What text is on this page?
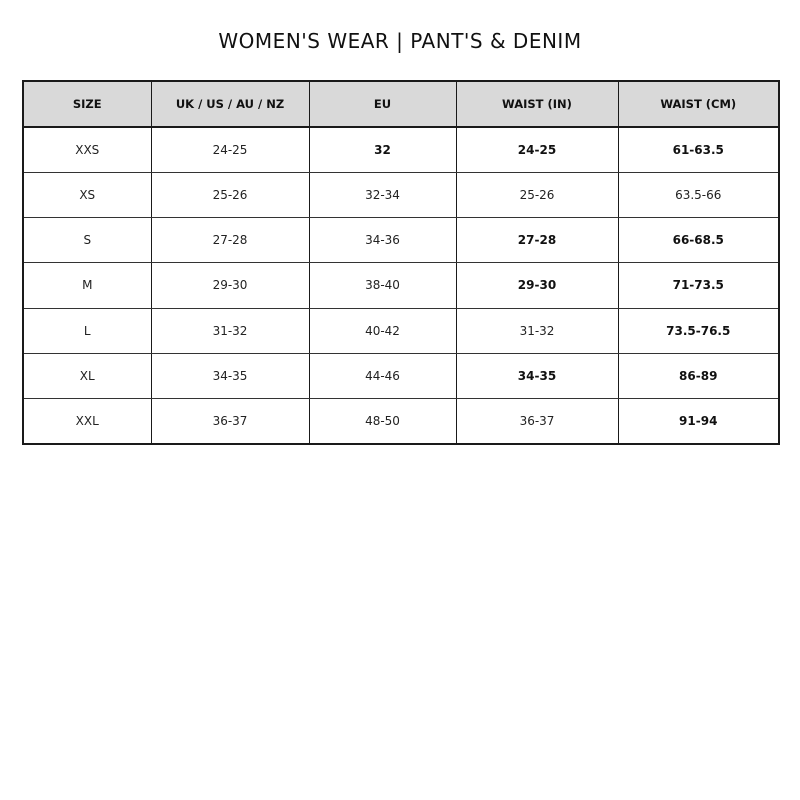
WOMEN'S WEAR | PANT'S & DENIM
SIZE	UK / US / AU / NZ	EU	WAIST (IN)	WAIST (CM)
XXS	24-25	32	24-25	61-63.5
XS	25-26	32-34	25-26	63.5-66
S	27-28	34-36	27-28	66-68.5
M	29-30	38-40	29-30	71-73.5
L	31-32	40-42	31-32	73.5-76.5
XL	34-35	44-46	34-35	86-89
XXL	36-37	48-50	36-37	91-94
